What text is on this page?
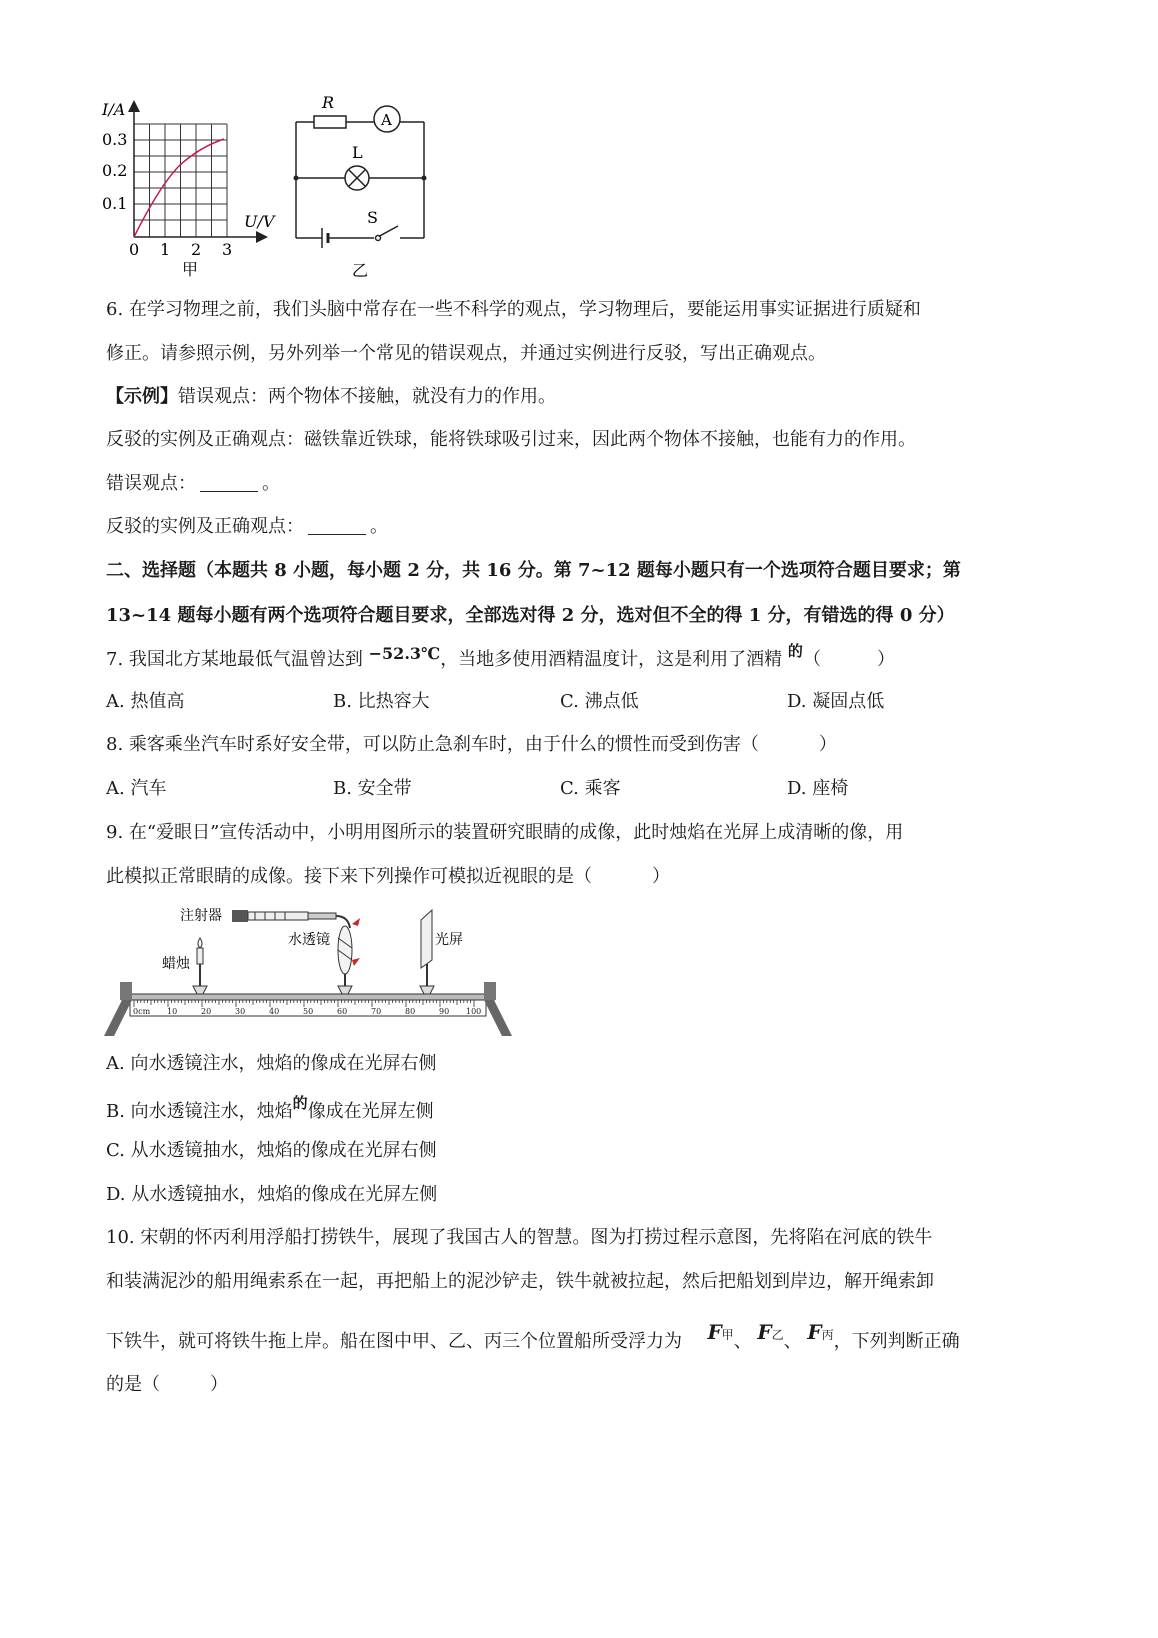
I/A
0.3
0.2
0.1
U/V
0 1 2 3
甲
R
A
L
S
乙
6. 在学习物理之前，我们头脑中常存在一些不科学的观点，学习物理后，要能运用事实证据进行质疑和
修正。请参照示例，另外列举一个常见的错误观点，并通过实例进行反驳，写出正确观点。
【示例】错误观点：两个物体不接触，就没有力的作用。
反驳的实例及正确观点：磁铁靠近铁球，能将铁球吸引过来，因此两个物体不接触，也能有力的作用。
错误观点：	。
反驳的实例及正确观点：	。
二、选择题（本题共 8 小题，每小题 2 分，共 16 分。第 7~12 题每小题只有一个选项符合题目要求；第
13~14 题每小题有两个选项符合题目要求，全部选对得 2 分，选对但不全的得 1 分，有错选的得 0 分）
7. 我国北方某地最低气温曾达到 −52.3℃，当地多使用酒精温度计，这是利用了酒精 $^的$（	）
A. 热值高	B. 比热容大	C. 沸点低	D. 凝固点低
8. 乘客乘坐汽车时系好安全带，可以防止急刹车时，由于什么的惯性而受到伤害（	）
A. 汽车	B. 安全带	C. 乘客	D. 座椅
9. 在“爱眼日”宣传活动中，小明用图所示的装置研究眼睛的成像，此时烛焰在光屏上成清晰的像，用
此模拟正常眼睛的成像。接下来下列操作可模拟近视眼的是（	）
0cm 10	20	30	40	50	60	70	80	90 100
注射器
水透镜	光屏
蜡烛
A. 向水透镜注水，烛焰的像成在光屏右侧
B. 向水透镜注水，烛焰$^的$像成在光屏左侧
C. 从水透镜抽水，烛焰的像成在光屏右侧
D. 从水透镜抽水，烛焰的像成在光屏左侧
10. 宋朝的怀丙利用浮船打捞铁牛，展现了我国古人的智慧。图为打捞过程示意图，先将陷在河底的铁牛
和装满泥沙的船用绳索系在一起，再把船上的泥沙铲走，铁牛就被拉起，然后把船划到岸边，解开绳索卸
下铁牛，就可将铁牛拖上岸。船在图中甲、乙、丙三个位置船所受浮力为 F甲、 F乙、 F丙，下列判断正确
的是（	）
